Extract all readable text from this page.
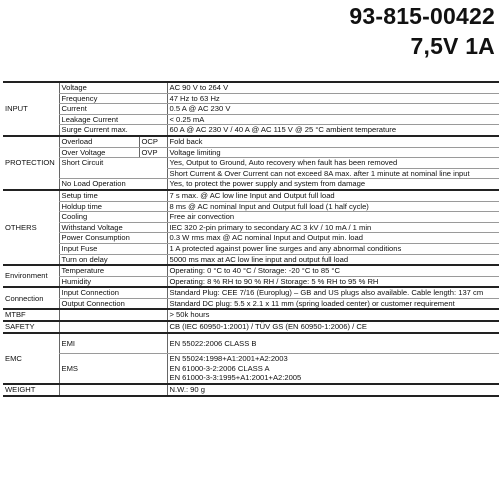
93-815-00422
7,5V 1A
INPUT	Voltage		AC 90 V to 264 V
	Frequency		47 Hz to 63 Hz
	Current		0.5 A @ AC 230 V
	Leakage Current		< 0.25 mA
	Surge Current max.		60 A @ AC 230 V / 40 A @ AC 115 V @ 25 °C ambient temperature
PROTECTION	Overload	OCP	Fold back
	Over Voltage	OVP	Voltage limiting
	Short Circuit		Yes, Output to Ground, Auto recovery when fault has been removed
			Short Current & Over Current can not exceed 8A max. after 1 minute at nominal line input
	No Load Operation		Yes, to protect the power supply and system from damage
OTHERS	Setup time		7 s max. @ AC low line Input and Output full load
	Holdup time		8 ms @ AC nominal Input and Output full load (1 half cycle)
	Cooling		Free air convection
	Withstand Voltage		IEC 320 2-pin primary to secondary AC 3 kV / 10 mA / 1 min
	Power Consumption		0.3 W rms max @ AC nominal Input and Output min. load
	Input Fuse		1 A protected against power line surges and any abnormal conditions
	Turn on delay		5000 ms max at AC low line input and output full load
Environment	Temperature		Operating: 0 °C to 40 °C / Storage: -20 °C to 85 °C
	Humidity		Operating: 8 % RH to 90 % RH / Storage: 5 % RH to 95 % RH
Connection	Input Connection		Standard Plug: CEE 7/16 (Europlug) – GB and US plugs also available. Cable length: 137 cm
	Output Connection		Standard DC plug: 5.5 x 2.1 x 11 mm (spring loaded center) or customer requirement
MTBF			> 50k hours
SAFETY			CB (IEC 60950-1:2001) / TÜV GS (EN 60950-1:2006) / CE
EMC	EMI		EN 55022:2006 CLASS B
	EMS		EN 55024:1998+A1:2001+A2:2003
EN 61000-3-2:2006 CLASS A
EN 61000-3-3:1995+A1:2001+A2:2005

WEIGHT			N.W.: 90 g
